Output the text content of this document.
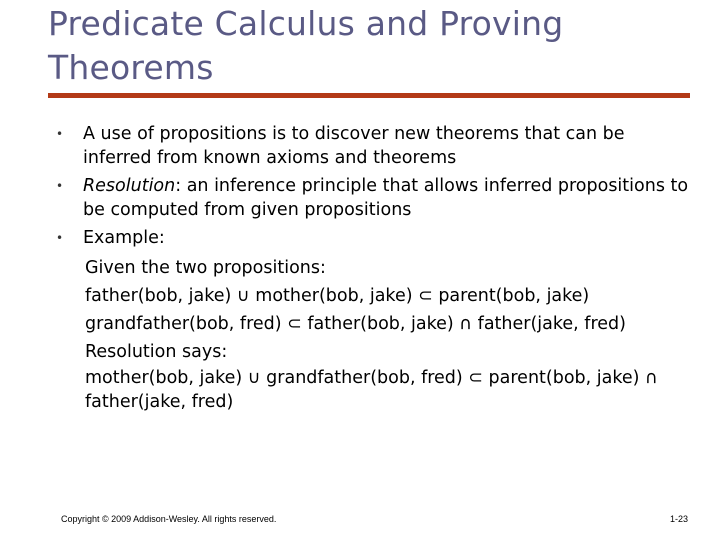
Predicate Calculus and Proving Theorems
• A use of propositions is to discover new theorems that can be inferred from known axioms and theorems
• Resolution: an inference principle that allows inferred propositions to be computed from given propositions
• Example:
Given the two propositions:
father(bob, jake) ∪ mother(bob, jake) ⊂ parent(bob, jake)
grandfather(bob, fred) ⊂ father(bob, jake) ∩ father(jake, fred)
Resolution says:
mother(bob, jake) ∪ grandfather(bob, fred) ⊂ parent(bob, jake) ∩ father(jake, fred)
Copyright © 2009 Addison-Wesley. All rights reserved.	1-23
